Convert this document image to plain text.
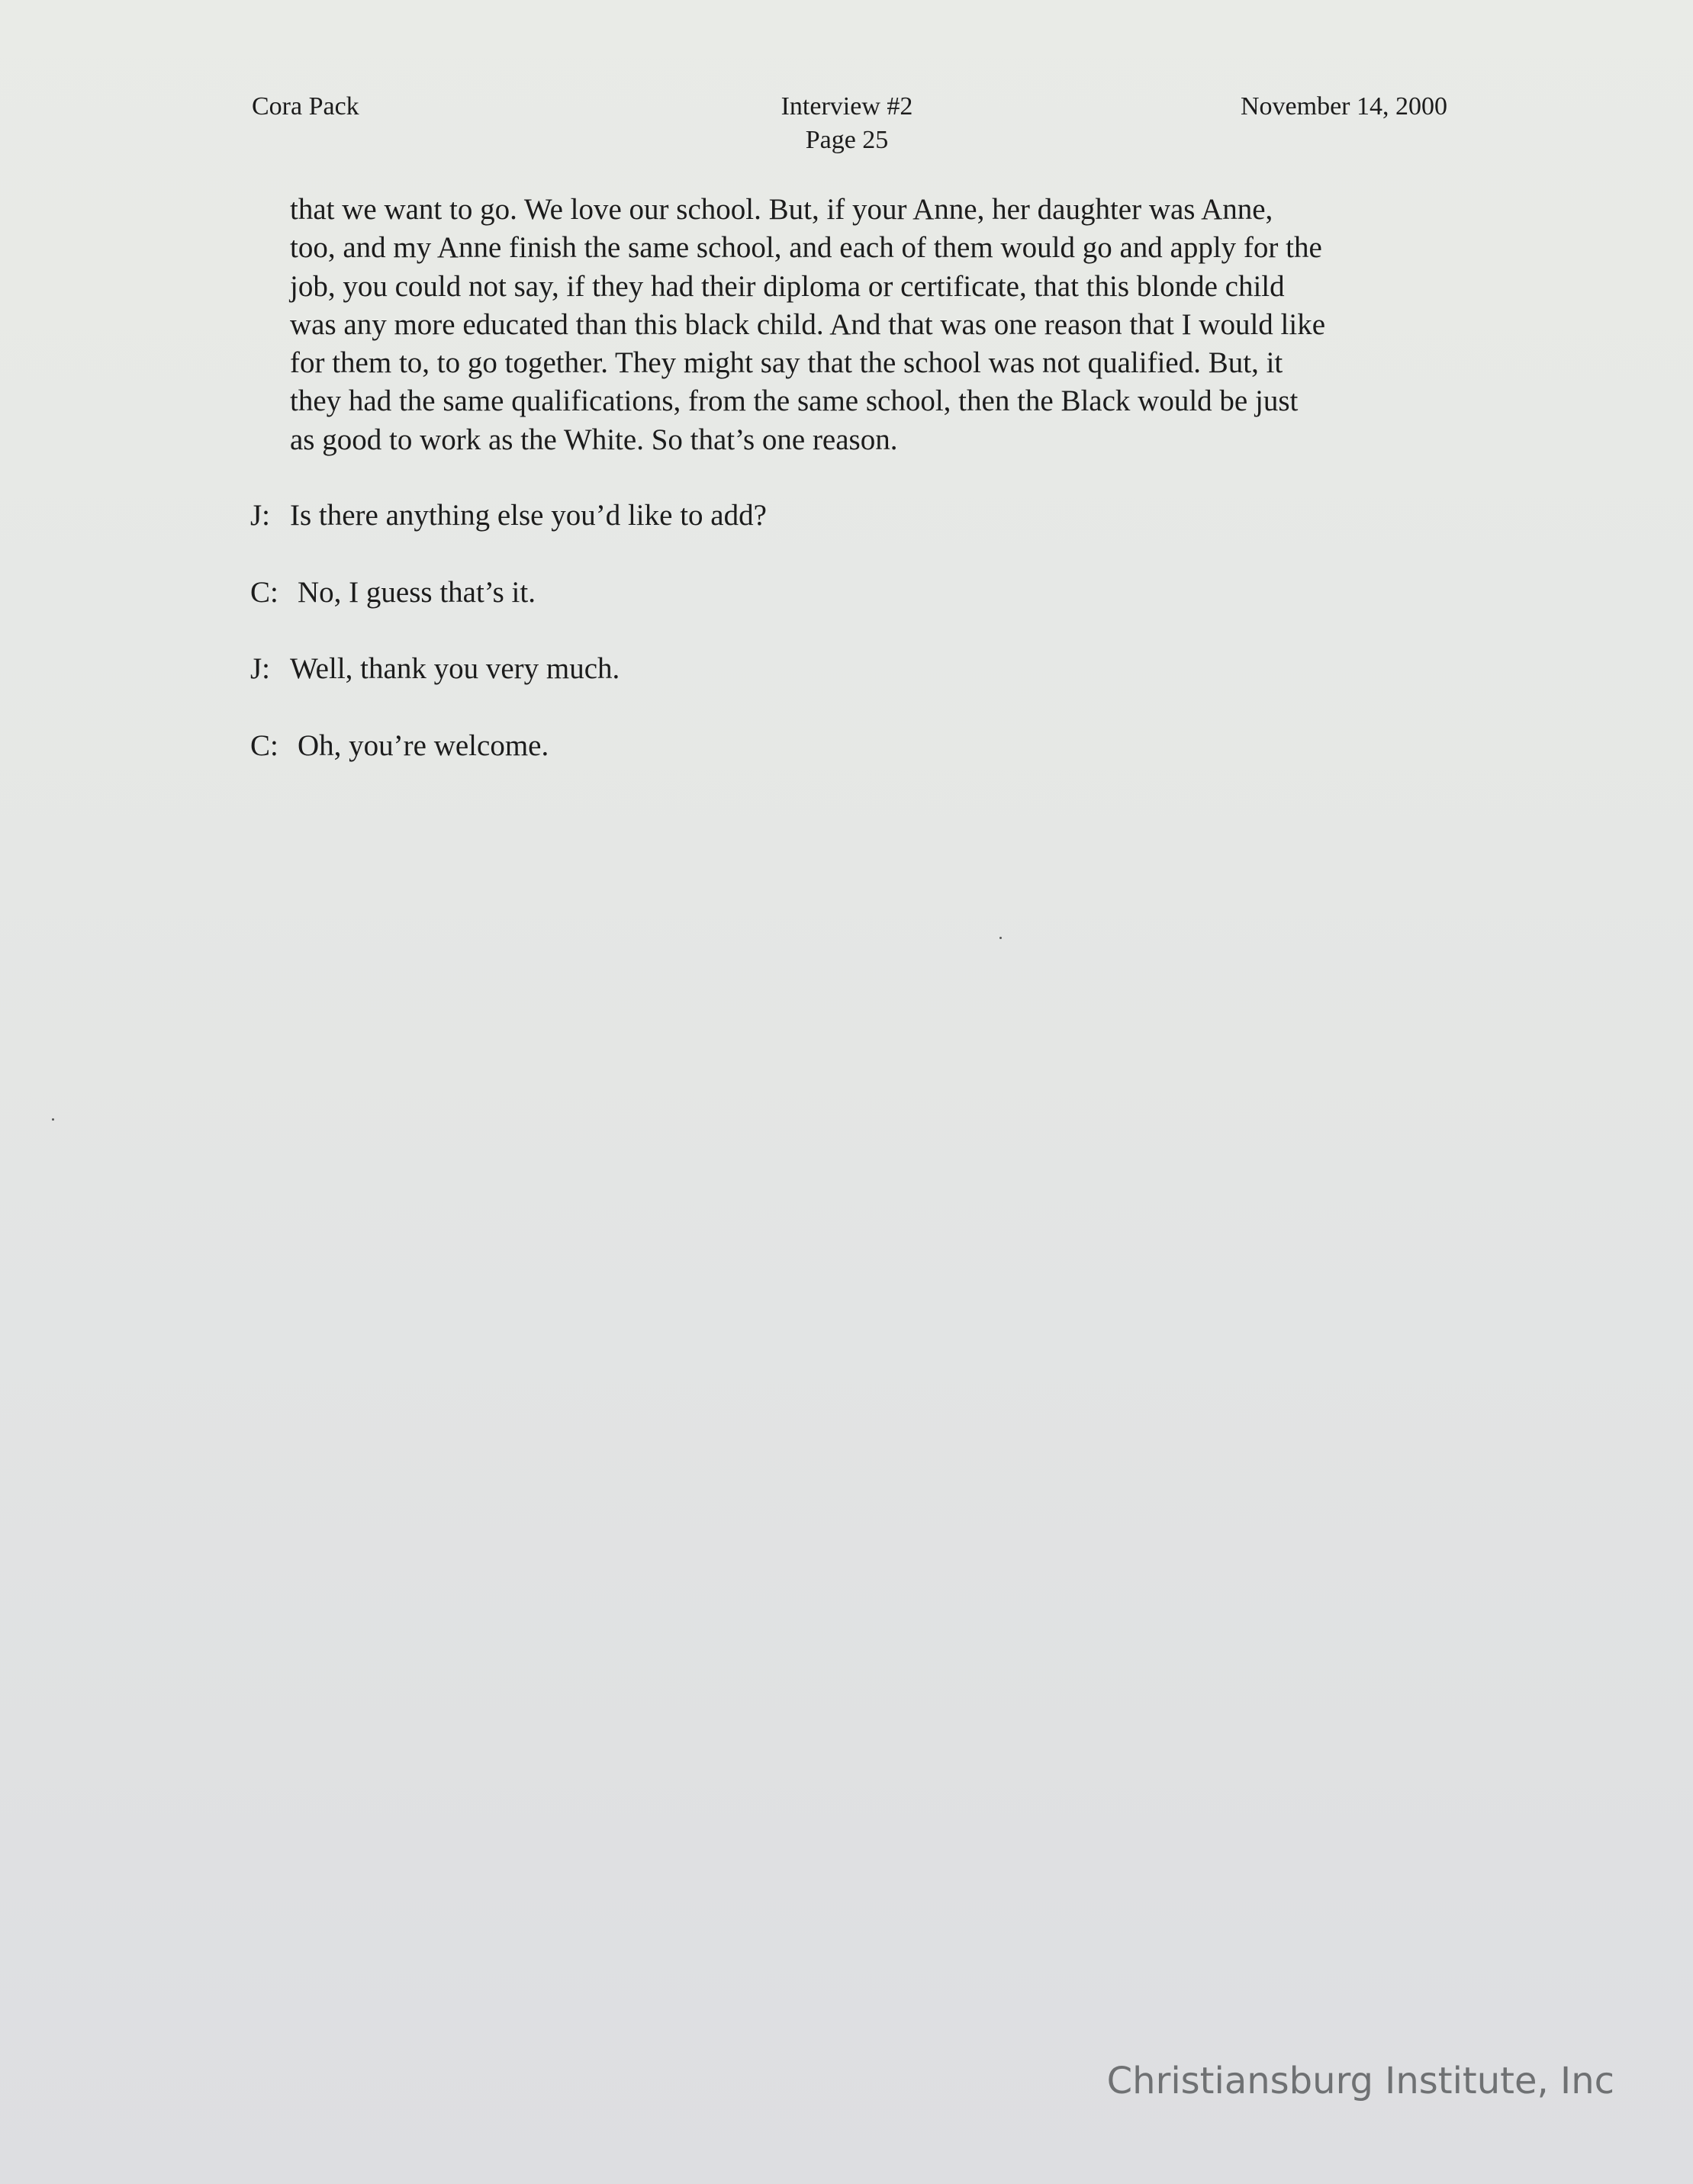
Cora Pack	Interview #2
Page 25
November 14, 2000
that we want to go. We love our school. But, if your Anne, her daughter was Anne,
too, and my Anne finish the same school, and each of them would go and apply for the
job, you could not say, if they had their diploma or certificate, that this blonde child
was any more educated than this black child. And that was one reason that I would like
for them to, to go together. They might say that the school was not qualified. But, it
they had the same qualifications, from the same school, then the Black would be just
as good to work as the White. So that’s one reason.
J: Is there anything else you’d like to add?
C: No, I guess that’s it.
J: Well, thank you very much.
C: Oh, you’re welcome.
Christiansburg Institute, Inc
